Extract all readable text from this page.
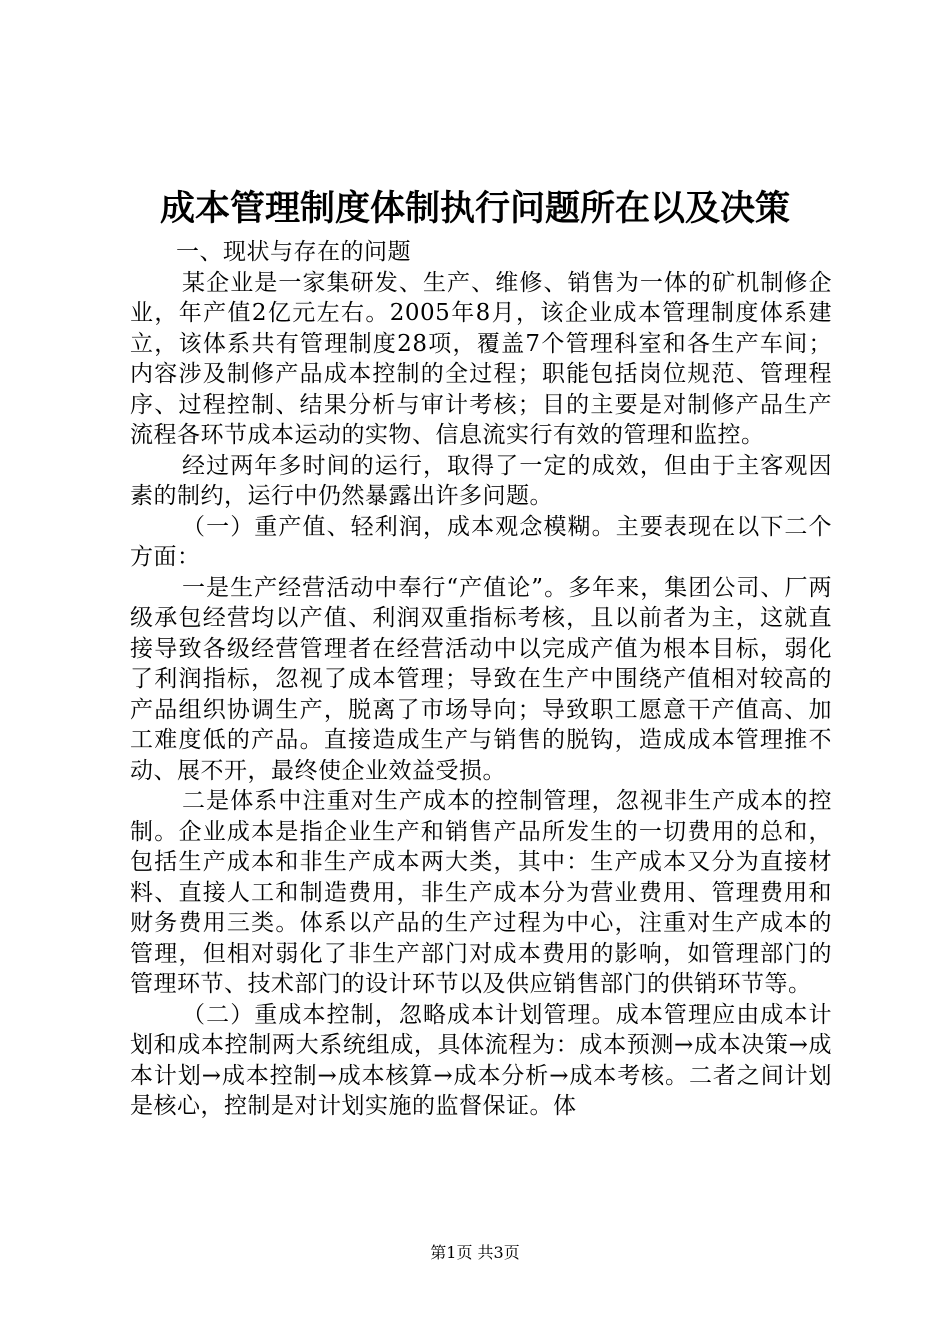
成本管理制度体制执行问题所在以及决策

一、现状与存在的问题

某企业是一家集研发、生产、维修、销售为一体的矿机制修企业，年产值2亿元左右。2005年8月，该企业成本管理制度体系建立，该体系共有管理制度28项，覆盖7个管理科室和各生产车间；内容涉及制修产品成本控制的全过程；职能包括岗位规范、管理程序、过程控制、结果分析与审计考核；目的主要是对制修产品生产流程各环节成本运动的实物、信息流实行有效的管理和监控。

经过两年多时间的运行，取得了一定的成效，但由于主客观因素的制约，运行中仍然暴露出许多问题。

（一）重产值、轻利润，成本观念模糊。主要表现在以下二个方面：

一是生产经营活动中奉行“产值论”。多年来，集团公司、厂两级承包经营均以产值、利润双重指标考核，且以前者为主，这就直接导致各级经营管理者在经营活动中以完成产值为根本目标，弱化了利润指标，忽视了成本管理；导致在生产中围绕产值相对较高的产品组织协调生产，脱离了市场导向；导致职工愿意干产值高、加工难度低的产品。直接造成生产与销售的脱钩，造成成本管理推不动、展不开，最终使企业效益受损。

二是体系中注重对生产成本的控制管理，忽视非生产成本的控制。企业成本是指企业生产和销售产品所发生的一切费用的总和，包括生产成本和非生产成本两大类，其中：生产成本又分为直接材料、直接人工和制造费用，非生产成本分为营业费用、管理费用和财务费用三类。体系以产品的生产过程为中心，注重对生产成本的管理，但相对弱化了非生产部门对成本费用的影响，如管理部门的管理环节、技术部门的设计环节以及供应销售部门的供销环节等。

（二）重成本控制，忽略成本计划管理。成本管理应由成本计划和成本控制两大系统组成，具体流程为：成本预测→成本决策→成本计划→成本控制→成本核算→成本分析→成本考核。二者之间计划是核心，控制是对计划实施的监督保证。体

第1页 共3页
